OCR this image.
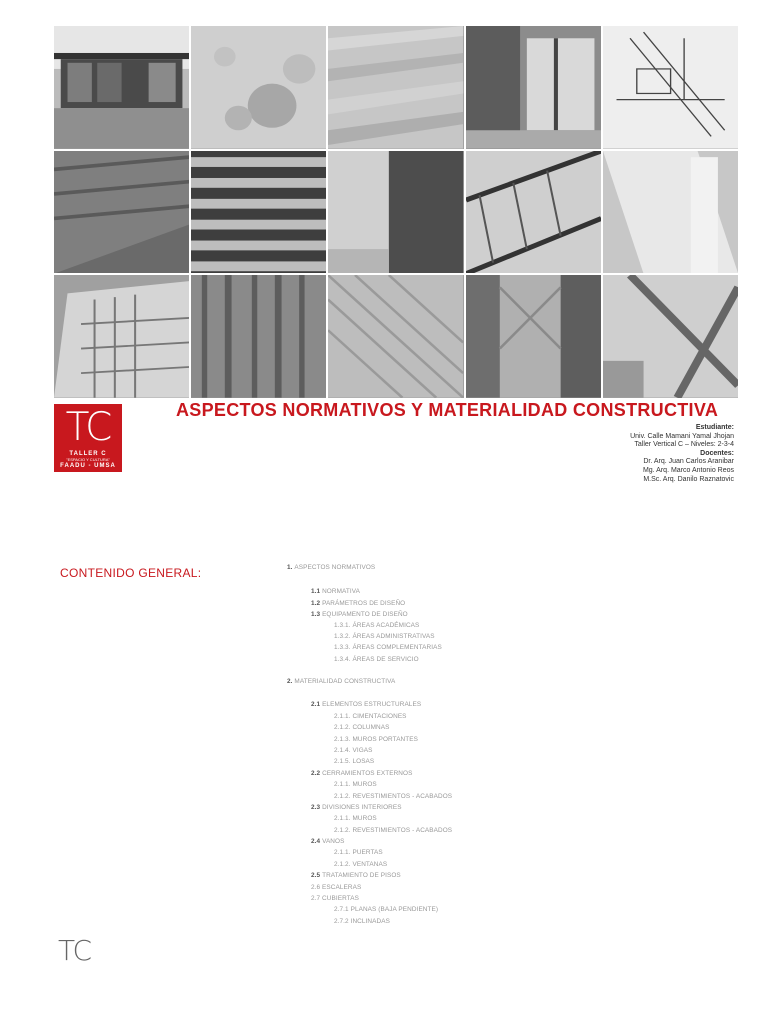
TC
TALLER C
"ESPACIO Y CULTURA"
FAADU - UMSA
ASPECTOS NORMATIVOS Y MATERIALIDAD CONSTRUCTIVA
Estudiante:
Univ. Calle Mamani Yamal Jhojan
Taller Vertical C – Niveles: 2-3-4
Docentes:
Dr. Arq. Juan Carlos Aranibar
Mg. Arq. Marco Antonio Reos
M.Sc. Arq. Danilo Raznatovic
CONTENIDO GENERAL:	1. ASPECTOS NORMATIVOS
1.1 NORMATIVA
1.2 PARÁMETROS DE DISEÑO
1.3 EQUIPAMENTO DE DISEÑO
1.3.1. ÁREAS ACADÉMICAS
1.3.2. ÁREAS ADMINISTRATIVAS
1.3.3. ÁREAS COMPLEMENTARIAS
1.3.4. ÁREAS DE SERVICIO
2. MATERIALIDAD CONSTRUCTIVA
2.1 ELEMENTOS ESTRUCTURALES
2.1.1. CIMENTACIONES
2.1.2. COLUMNAS
2.1.3. MUROS PORTANTES
2.1.4. VIGAS
2.1.5. LOSAS
2.2 CERRAMIENTOS EXTERNOS
2.1.1. MUROS
2.1.2. REVESTIMIENTOS - ACABADOS
2.3 DIVISIONES INTERIORES
2.1.1. MUROS
2.1.2. REVESTIMIENTOS - ACABADOS
2.4 VANOS
2.1.1. PUERTAS
2.1.2. VENTANAS
2.5 TRATAMIENTO DE PISOS
2.6 ESCALERAS
2.7 CUBIERTAS
2.7.1 PLANAS (BAJA PENDIENTE)
2.7.2 INCLINADAS
TC
